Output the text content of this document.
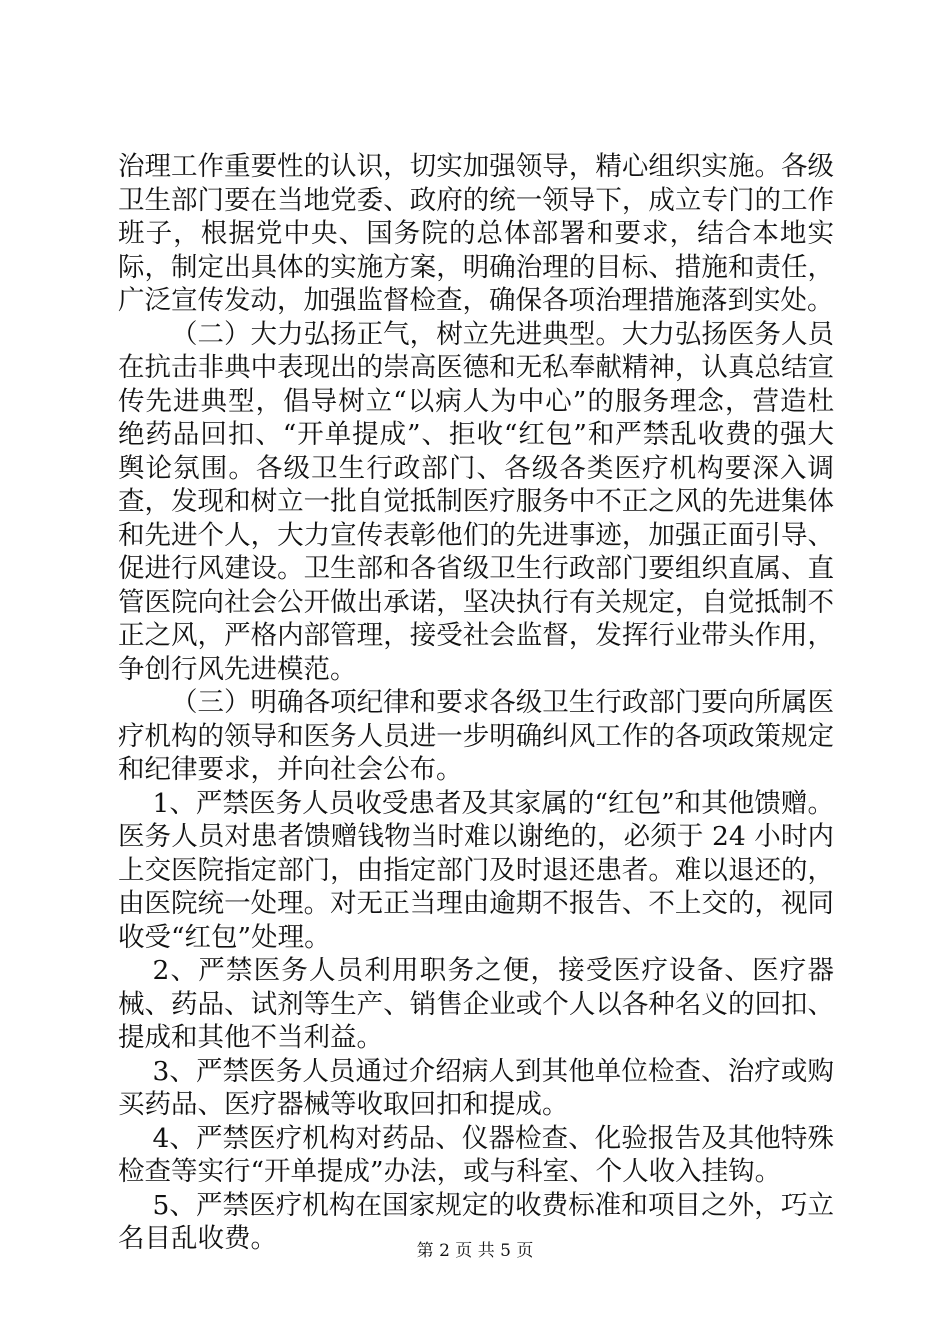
治理工作重要性的认识，切实加强领导，精心组织实施。各级卫生部门要在当地党委、政府的统一领导下，成立专门的工作班子，根据党中央、国务院的总体部署和要求，结合本地实际，制定出具体的实施方案，明确治理的目标、措施和责任，广泛宣传发动，加强监督检查，确保各项治理措施落到实处。

（二）大力弘扬正气，树立先进典型。大力弘扬医务人员在抗击非典中表现出的崇高医德和无私奉献精神，认真总结宣传先进典型，倡导树立“以病人为中心”的服务理念，营造杜绝药品回扣、“开单提成”、拒收“红包”和严禁乱收费的强大舆论氛围。各级卫生行政部门、各级各类医疗机构要深入调查，发现和树立一批自觉抵制医疗服务中不正之风的先进集体和先进个人，大力宣传表彰他们的先进事迹，加强正面引导、促进行风建设。卫生部和各省级卫生行政部门要组织直属、直管医院向社会公开做出承诺，坚决执行有关规定，自觉抵制不正之风，严格内部管理，接受社会监督，发挥行业带头作用，争创行风先进模范。

（三）明确各项纪律和要求各级卫生行政部门要向所属医疗机构的领导和医务人员进一步明确纠风工作的各项政策规定和纪律要求，并向社会公布。

1、严禁医务人员收受患者及其家属的“红包”和其他馈赠。医务人员对患者馈赠钱物当时难以谢绝的，必须于 24 小时内上交医院指定部门，由指定部门及时退还患者。难以退还的，由医院统一处理。对无正当理由逾期不报告、不上交的，视同收受“红包”处理。

2、严禁医务人员利用职务之便，接受医疗设备、医疗器械、药品、试剂等生产、销售企业或个人以各种名义的回扣、提成和其他不当利益。

3、严禁医务人员通过介绍病人到其他单位检查、治疗或购买药品、医疗器械等收取回扣和提成。

4、严禁医疗机构对药品、仪器检查、化验报告及其他特殊检查等实行“开单提成”办法，或与科室、个人收入挂钩。

5、严禁医疗机构在国家规定的收费标准和项目之外，巧立名目乱收费。	第 2 页 共 5 页
